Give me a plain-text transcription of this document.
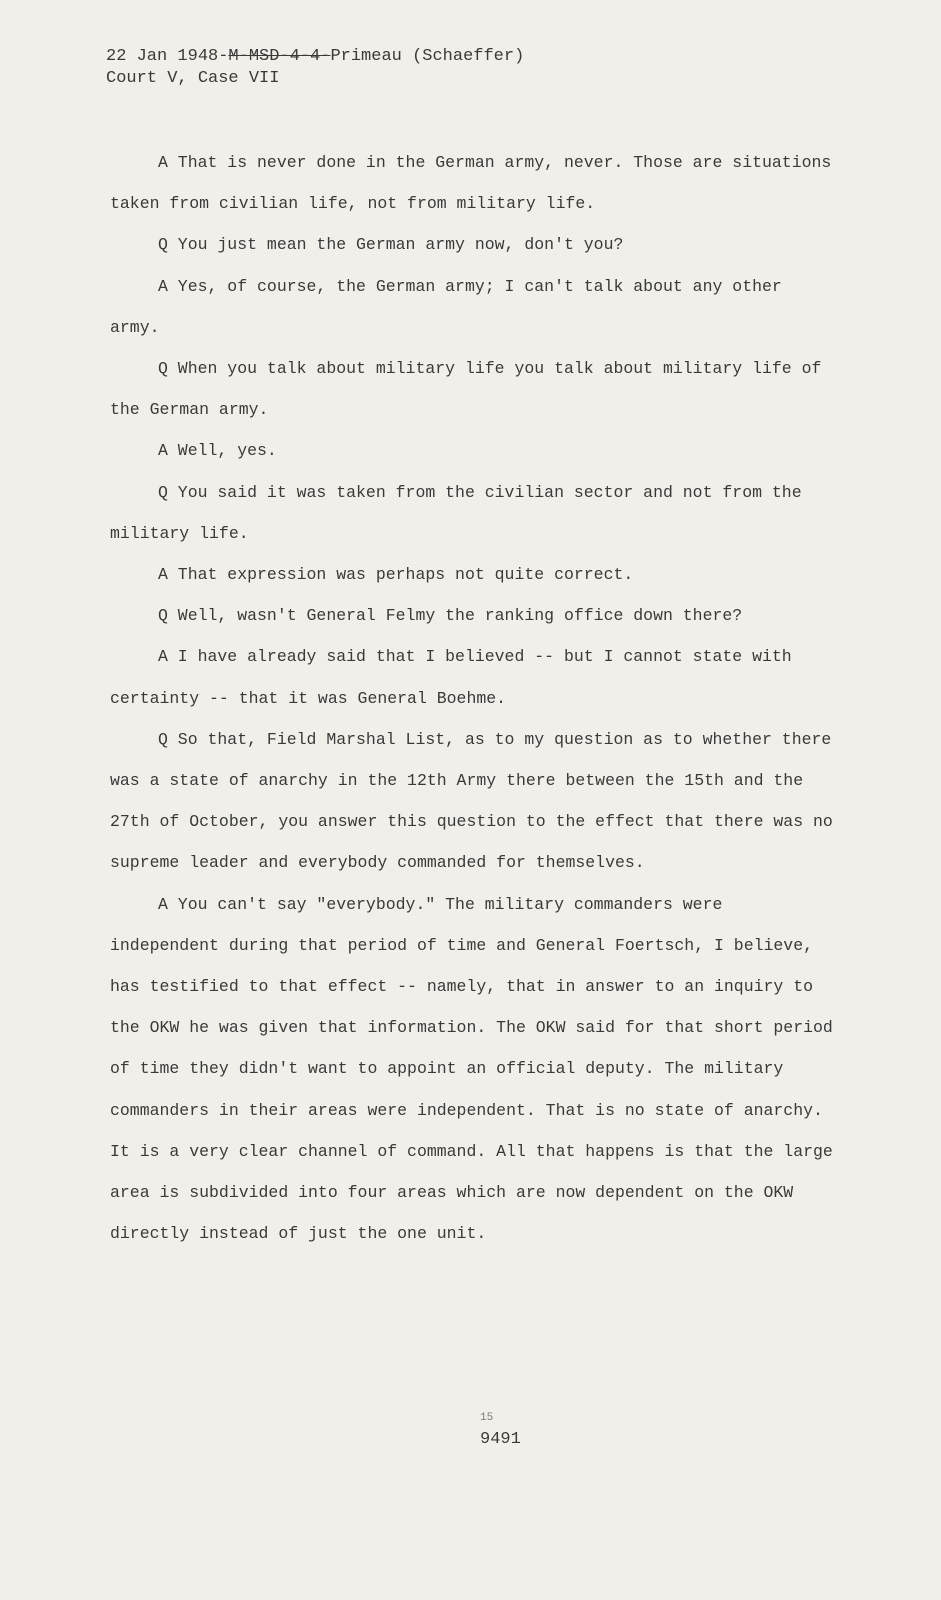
22 Jan 1948-M-MSD-4-4-Primeau (Schaeffer)
Court V, Case VII

A That is never done in the German army, never. Those are situations taken from civilian life, not from military life.

Q You just mean the German army now, don't you?

A Yes, of course, the German army; I can't talk about any other army.

Q When you talk about military life you talk about military life of the German army.

A Well, yes.

Q You said it was taken from the civilian sector and not from the military life.

A That expression was perhaps not quite correct.

Q Well, wasn't General Felmy the ranking office down there?

A I have already said that I believed -- but I cannot state with certainty -- that it was General Boehme.

Q So that, Field Marshal List, as to my question as to whether there was a state of anarchy in the 12th Army there between the 15th and the 27th of October, you answer this question to the effect that there was no supreme leader and everybody commanded for themselves.

A You can't say "everybody." The military commanders were independent during that period of time and General Foertsch, I believe, has testified to that effect -- namely, that in answer to an inquiry to the OKW he was given that information. The OKW said for that short period of time they didn't want to appoint an official deputy. The military commanders in their areas were independent. That is no state of anarchy. It is a very clear channel of command. All that happens is that the large area is subdivided into four areas which are now dependent on the OKW directly instead of just the one unit.

15
9491
